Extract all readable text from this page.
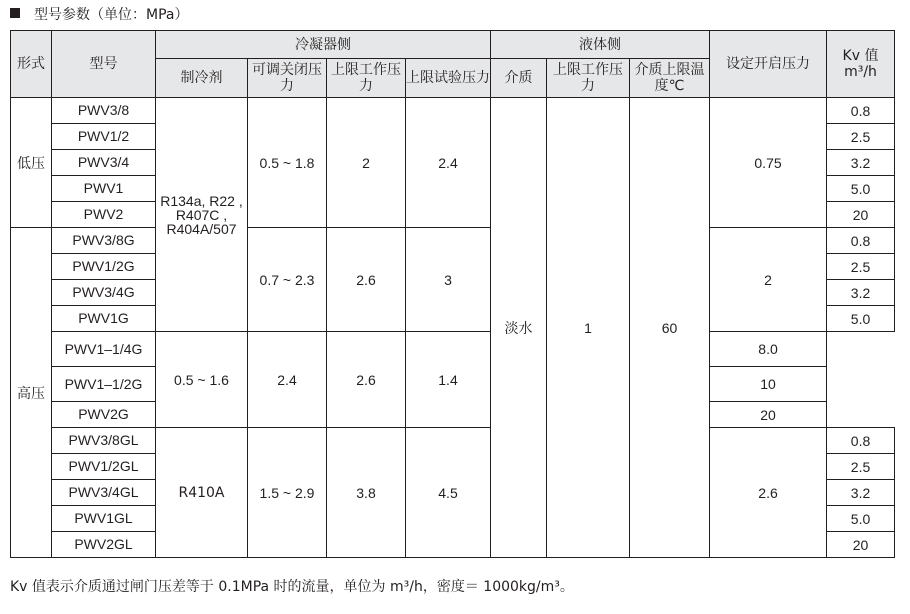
型号参数（单位：MPa）
形式	型号	冷凝器侧				液体侧			设定开启压力	Kv 值 m³/h
		制冷剂	可调关闭压力	上限工作压力	上限试验压力	介质	上限工作压力	介质上限温度℃		
低压	PWV3/8	R134a, R22 , R407C , R404A/507	0.5 ~ 1.8	2	2.4	淡水	1	60	0.75	0.8
	PWV1/2									2.5
	PWV3/4									3.2
	PWV1									5.0
	PWV2									20
高压	PWV3/8G		0.7 ~ 2.3	2.6	3				2	0.8
	PWV1/2G									2.5
	PWV3/4G									3.2
	PWV1G									5.0
	PWV1–1/4G	0.5 ~ 1.6	2.4	2.6	1.4				8.0	
	PWV1–1/2G								10	
	PWV2G								20	
	PWV3/8GL	R410A	1.5 ~ 2.9	3.8	4.5				2.6	0.8
	PWV1/2GL									2.5
	PWV3/4GL									3.2
	PWV1GL									5.0
	PWV2GL									20
Kv 值表示介质通过闸门压差等于 0.1MPa 时的流量，单位为 m³/h，密度＝ 1000kg/m³。
